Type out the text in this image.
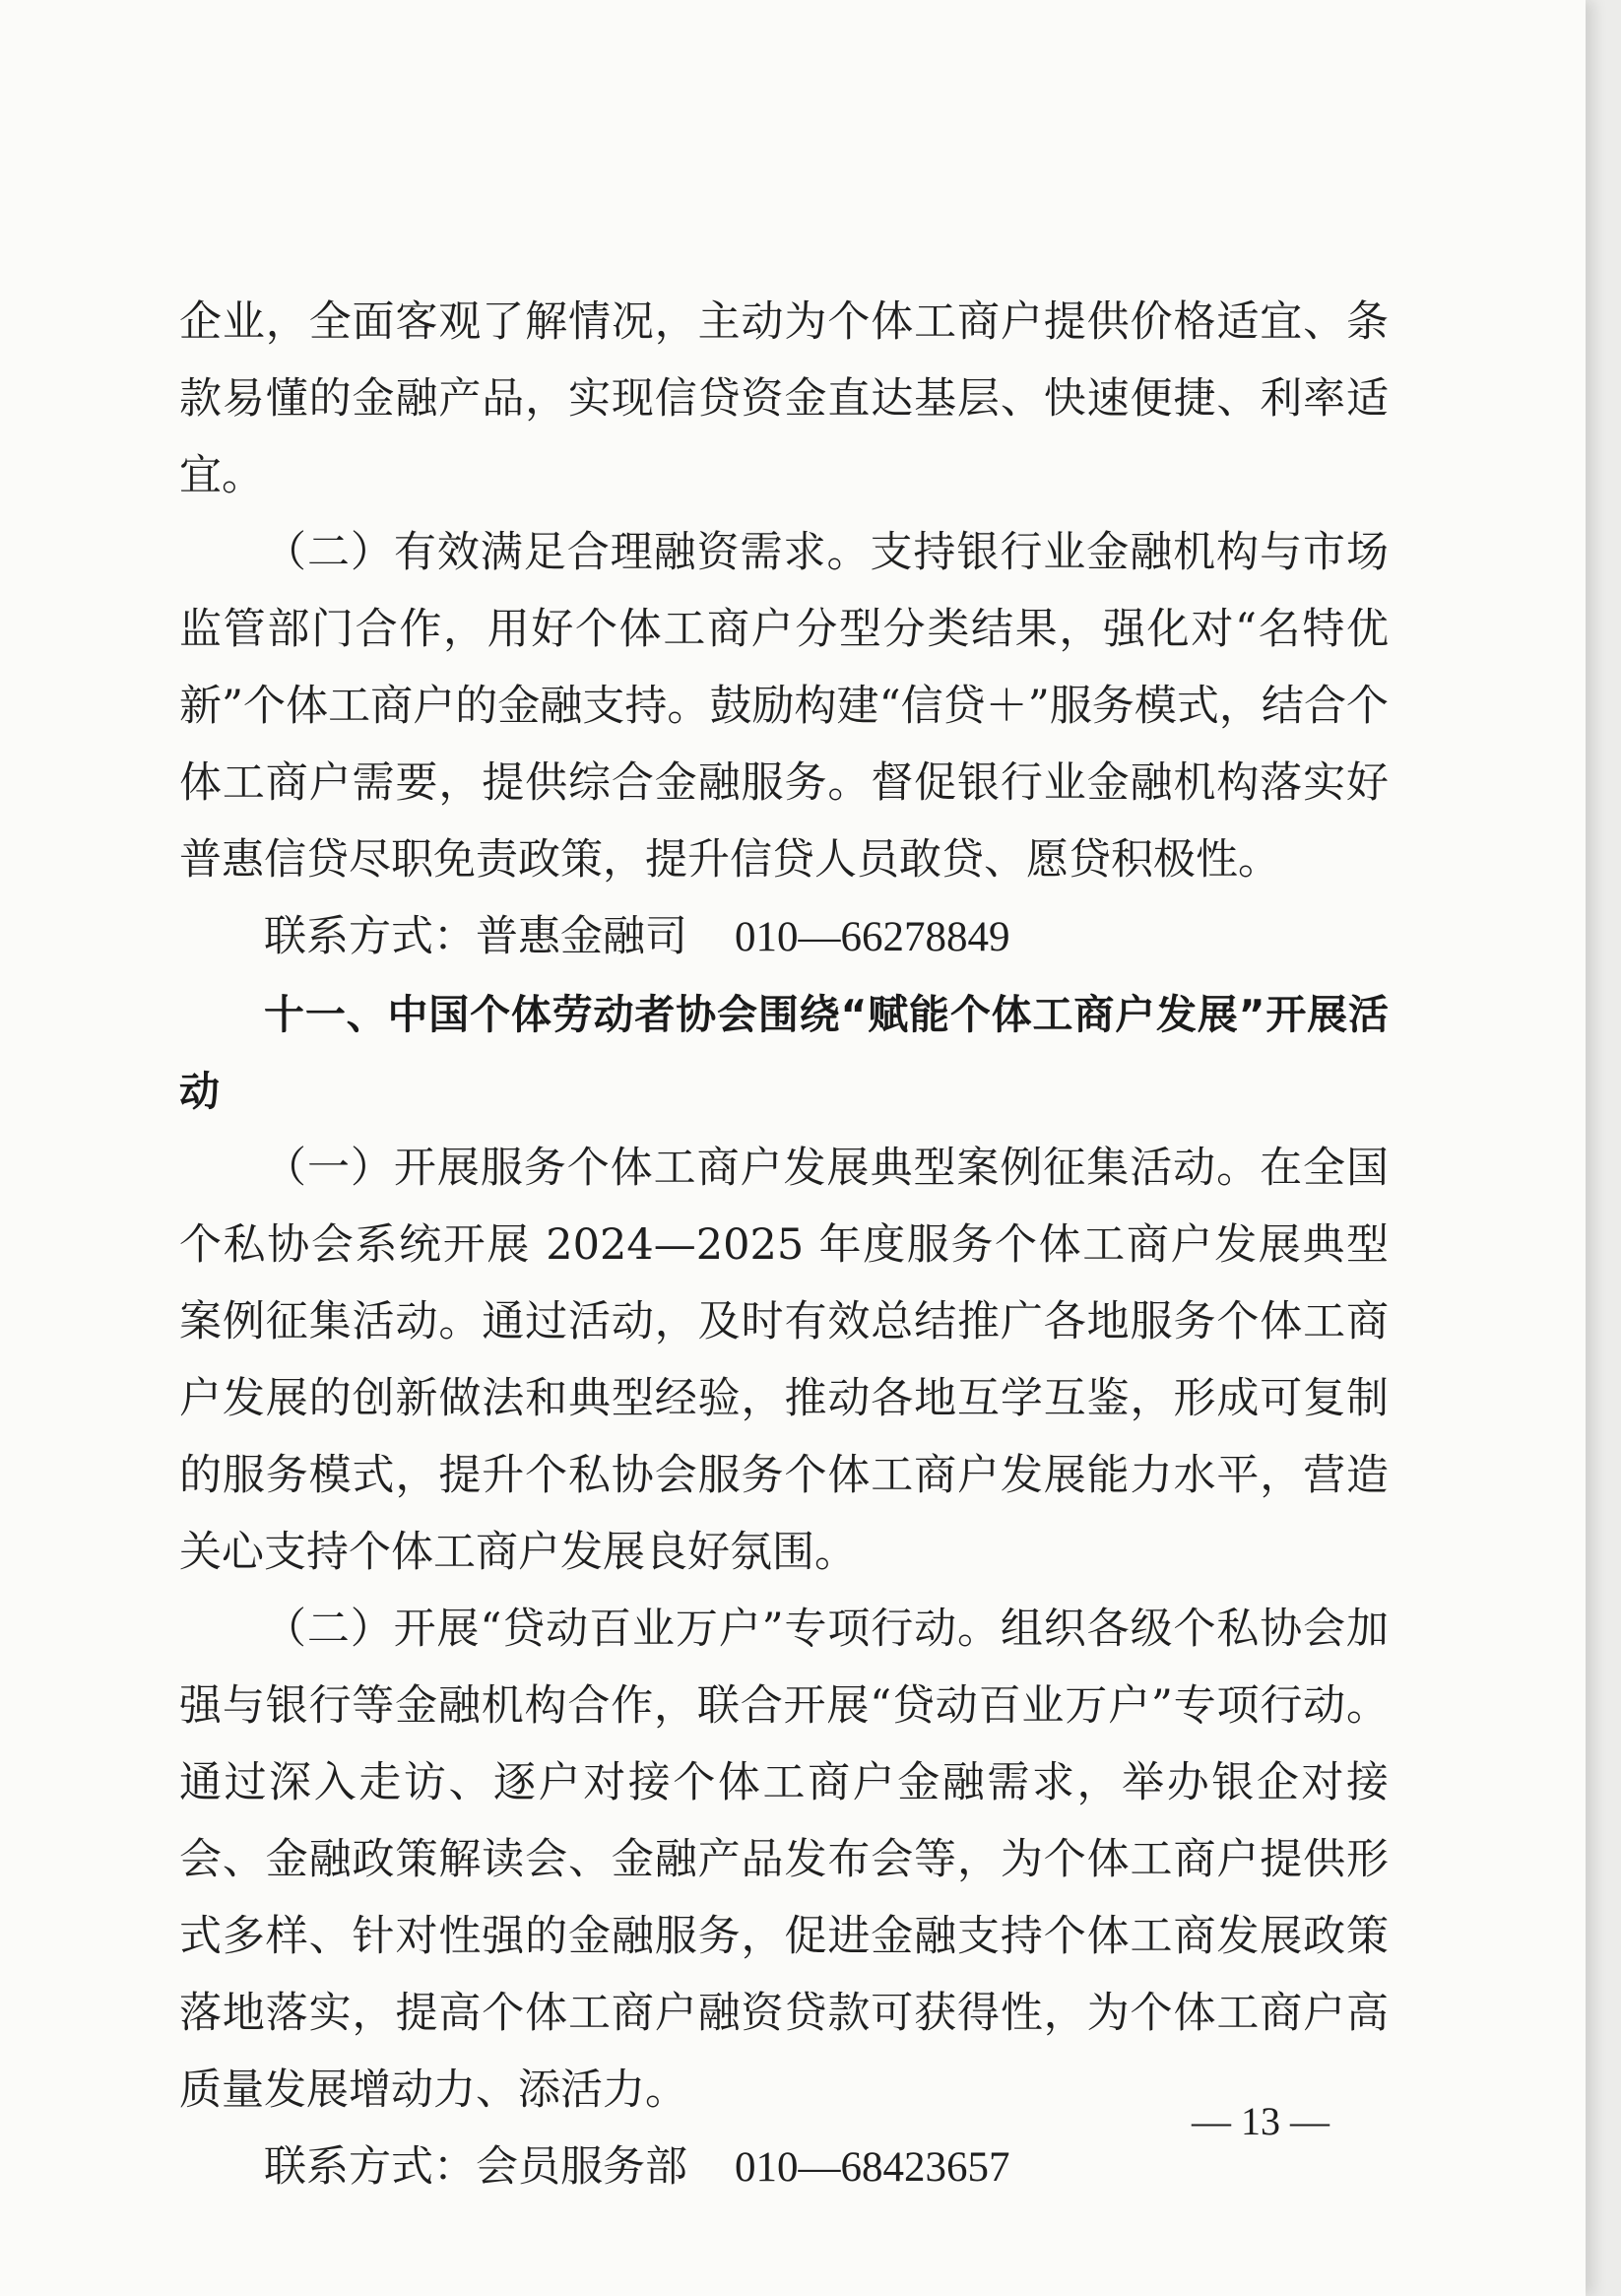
企业，全面客观了解情况，主动为个体工商户提供价格适宜、条款易懂的金融产品，实现信贷资金直达基层、快速便捷、利率适宜。

（二）有效满足合理融资需求。支持银行业金融机构与市场监管部门合作，用好个体工商户分型分类结果，强化对“名特优新”个体工商户的金融支持。鼓励构建“信贷＋”服务模式，结合个体工商户需要，提供综合金融服务。督促银行业金融机构落实好普惠信贷尽职免责政策，提升信贷人员敢贷、愿贷积极性。

联系方式：普惠金融司 010—66278849
十一、中国个体劳动者协会围绕“赋能个体工商户发展”开展活动

（一）开展服务个体工商户发展典型案例征集活动。在全国个私协会系统开展 2024—2025 年度服务个体工商户发展典型案例征集活动。通过活动，及时有效总结推广各地服务个体工商户发展的创新做法和典型经验，推动各地互学互鉴，形成可复制的服务模式，提升个私协会服务个体工商户发展能力水平，营造关心支持个体工商户发展良好氛围。

（二）开展“贷动百业万户”专项行动。组织各级个私协会加强与银行等金融机构合作，联合开展“贷动百业万户”专项行动。通过深入走访、逐户对接个体工商户金融需求，举办银企对接会、金融政策解读会、金融产品发布会等，为个体工商户提供形式多样、针对性强的金融服务，促进金融支持个体工商发展政策落地落实，提高个体工商户融资贷款可获得性，为个体工商户高质量发展增动力、添活力。

联系方式：会员服务部 010—68423657
— 13 —
